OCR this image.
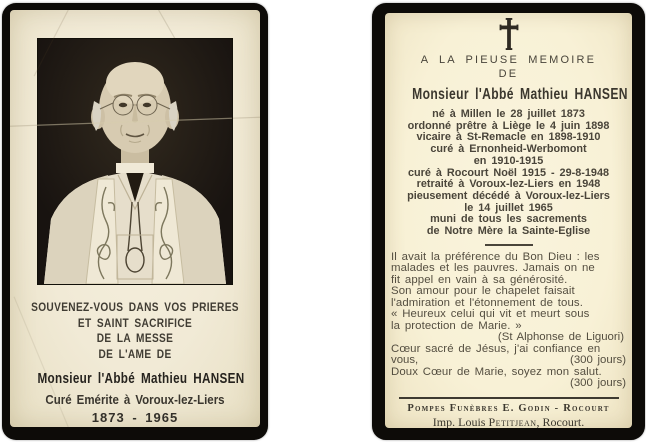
SOUVENEZ-VOUS DANS VOS PRIERES
ET SAINT SACRIFICE
DE LA MESSE
DE L'AME DE
Monsieur l'Abbé Mathieu HANSEN
Curé Emérite à Voroux-lez-Liers
1873 - 1965
A LA PIEUSE MEMOIRE
DE
Monsieur l'Abbé Mathieu HANSEN
né à Millen le 28 juillet 1873
ordonné prêtre à Liège le 4 juin 1898
vicaire à St-Remacle en 1898-1910
curé à Ernonheid-Werbomont
en 1910-1915
curé à Rocourt Noël 1915 - 29-8-1948
retraité à Voroux-lez-Liers en 1948
pieusement décédé à Voroux-lez-Liers
le 14 juillet 1965
muni de tous les sacrements
de Notre Mère la Sainte-Eglise
Il avait la préférence du Bon Dieu : les
malades et les pauvres. Jamais on ne
fit appel en vain à sa générosité.
Son amour pour le chapelet faisait
l'admiration et l'étonnement de tous.
« Heureux celui qui vit et meurt sous
la protection de Marie. »
(St Alphonse de Liguori)
Cœur sacré de Jésus, j'ai confiance en
vous,	(300 jours)
Doux Cœur de Marie, soyez mon salut.
(300 jours)
Pompes Funèbres E. Godin - Rocourt
Imp. Louis Petitjean, Rocourt.
